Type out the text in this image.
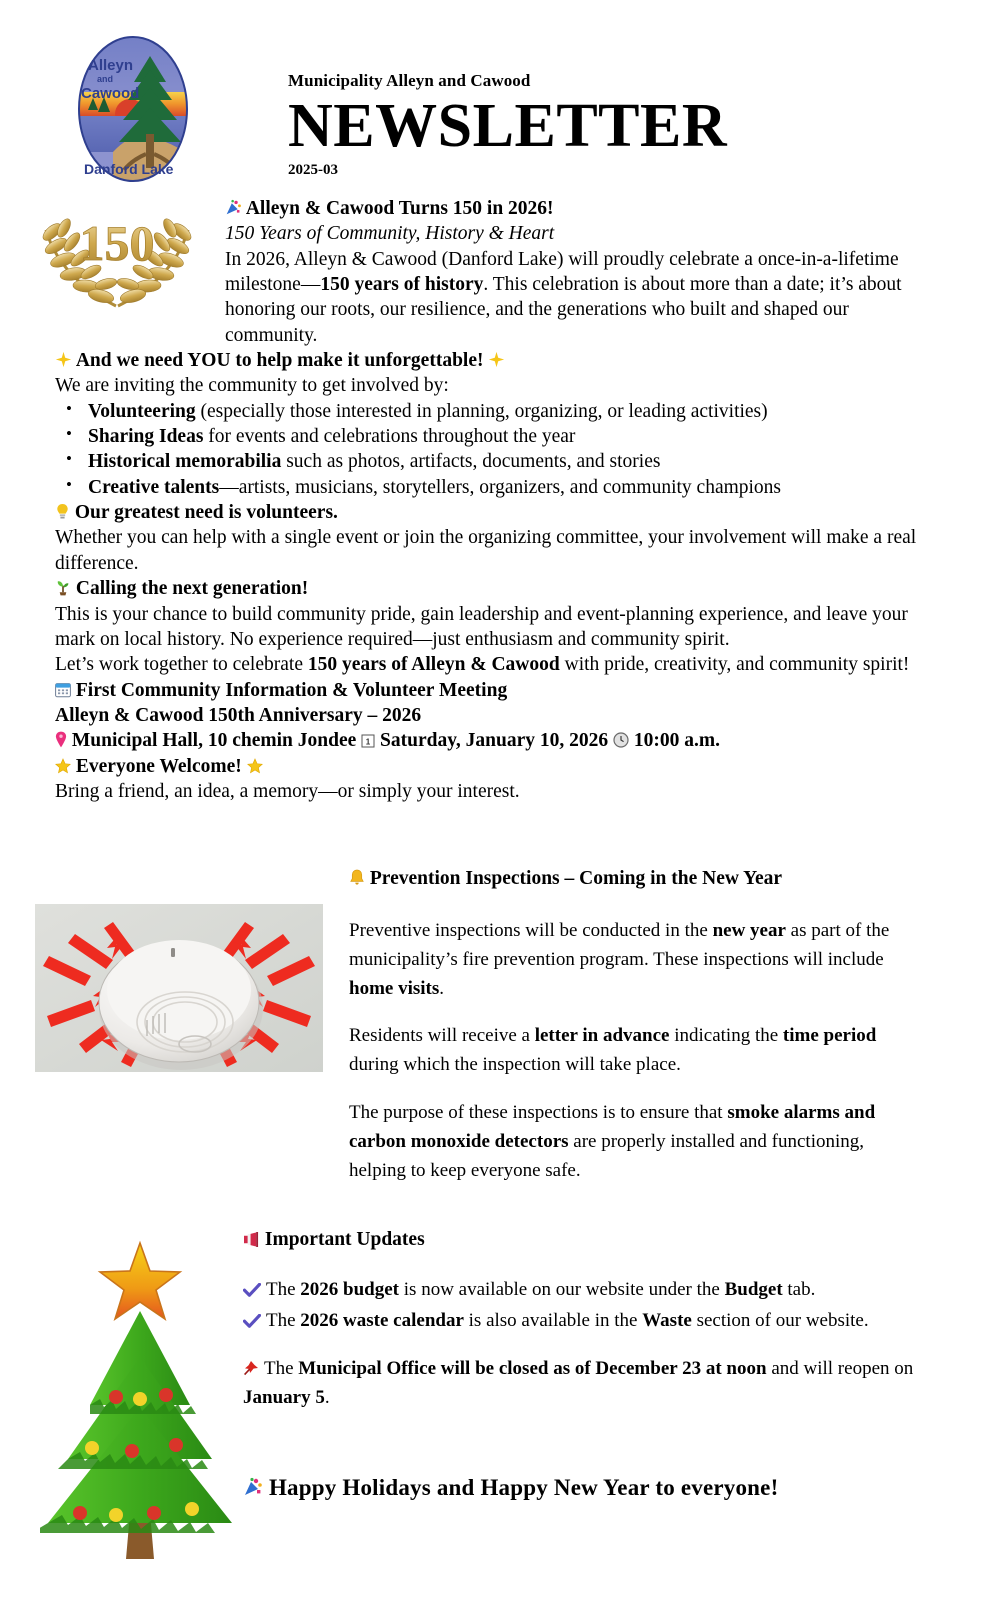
Alleyn
and
Cawood
Danford Lake
Municipality Alleyn and Cawood
NEWSLETTER
2025-03
150

Alleyn & Cawood Turns 150 in 2026!

150 Years of Community, History & Heart

In 2026, Alleyn & Cawood (Danford Lake) will proudly celebrate a once-in-a-lifetime milestone—150 years of history. This celebration is about more than a date; it’s about honoring our roots, our resilience, and the generations who built and shaped our community.

And we need YOU to help make it unforgettable!

We are inviting the community to get involved by:

• Volunteering (especially those interested in planning, organizing, or leading activities)
• Sharing Ideas for events and celebrations throughout the year
• Historical memorabilia such as photos, artifacts, documents, and stories
• Creative talents—artists, musicians, storytellers, organizers, and community champions

Our greatest need is volunteers.

Whether you can help with a single event or join the organizing committee, your involvement will make a real difference.

Calling the next generation!

This is your chance to build community pride, gain leadership and event-planning experience, and leave your mark on local history. No experience required—just enthusiasm and community spirit.

Let’s work together to celebrate 150 years of Alleyn & Cawood with pride, creativity, and community spirit!

First Community Information & Volunteer Meeting

Alleyn & Cawood 150th Anniversary – 2026

Municipal Hall, 10 chemin Jondee 1 Saturday, January 10, 2026 10:00 a.m.

Everyone Welcome!

Bring a friend, an idea, a memory—or simply your interest.

Prevention Inspections – Coming in the New Year

Preventive inspections will be conducted in the new year as part of the municipality’s fire prevention program. These inspections will include home visits.

Residents will receive a letter in advance indicating the time period during which the inspection will take place.

The purpose of these inspections is to ensure that smoke alarms and carbon monoxide detectors are properly installed and functioning, helping to keep everyone safe.

Important Updates

The 2026 budget is now available on our website under the Budget tab.

The 2026 waste calendar is also available in the Waste section of our website.

The Municipal Office will be closed as of December 23 at noon and will reopen on January 5.

Happy Holidays and Happy New Year to everyone!
